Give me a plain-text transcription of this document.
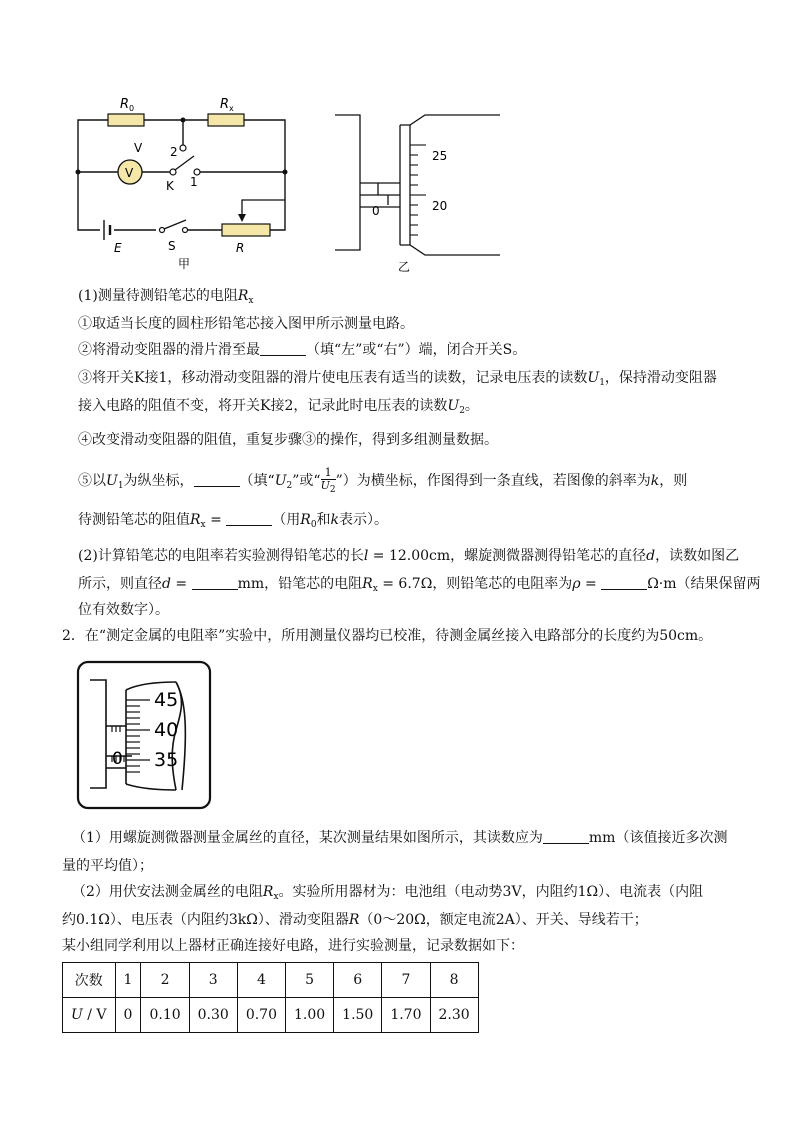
R 0	R x
V
V
2
K 1
E	S	R
甲
25
20
0
乙
(1)测量待测铅笔芯的电阻$R_x$
①取适当长度的圆柱形铅笔芯接入图甲所示测量电路。
②将滑动变阻器的滑片滑至最	（填“左”或“右”）端，闭合开关S。
③将开关K接1，移动滑动变阻器的滑片使电压表有适当的读数，记录电压表的读数$U_1$，保持滑动变阻器
接入电路的阻值不变，将开关K接2，记录此时电压表的读数$U_2$。
④改变滑动变阻器的阻值，重复步骤③的操作，得到多组测量数据。
⑤以$U_1$为纵坐标，	（填“$U_2$”或“ $\frac{1}{U_2}$”）为横坐标，作图得到一条直线，若图像的斜率为k，则
待测铅笔芯的阻值$R_x$ =	（用$R_0$和k表示）。
(2)计算铅笔芯的电阻率若实验测得铅笔芯的长l = 12.00cm，螺旋测微器测得铅笔芯的直径d，读数如图乙
所示，则直径d =	mm，铅笔芯的电阻$R_x = 6.7\Omega$，则铅笔芯的电阻率为ρ =	Ω·m（结果保留两
位有效数字）。
2．在“测定金属的电阻率”实验中，所用测量仪器均已校准，待测金属丝接入电路部分的长度约为50cm。
45
40
35
0
（1）用螺旋测微器测量金属丝的直径，某次测量结果如图所示，其读数应为	mm（该值接近多次测
量的平均值）；
（2）用伏安法测金属丝的电阻$R_x$。实验所用器材为：电池组（电动势3V，内阻约1Ω）、电流表（内阻
约0.1Ω）、电压表（内阻约3kΩ）、滑动变阻器R（0～20Ω，额定电流2A）、开关、导线若干；
某小组同学利用以上器材正确连接好电路，进行实验测量，记录数据如下：
次数	1	2	3	4	5	6	7	8
U / V	0	0.10	0.30	0.70	1.00	1.50	1.70	2.30
